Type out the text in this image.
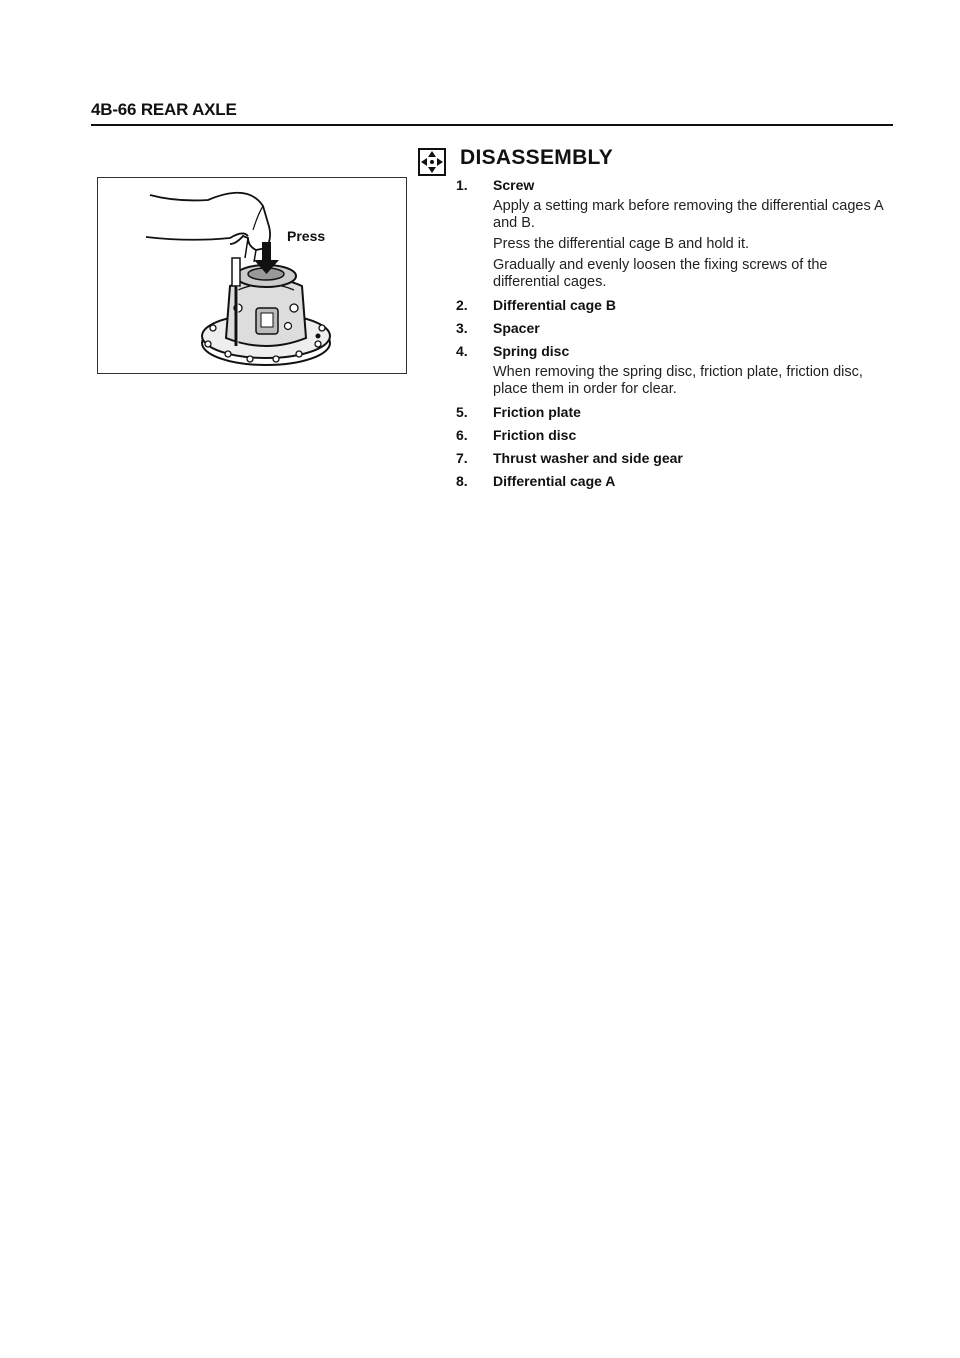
4B-66 REAR AXLE
Press
DISASSEMBLY
1.	Screw
Apply a setting mark before removing the differential cages A and B.
Press the differential cage B and hold it.
Gradually and evenly loosen the fixing screws of the differential cages.
2.	Differential cage B
3.	Spacer
4.	Spring disc
When removing the spring disc, friction plate, friction disc, place them in order for clear.
5.	Friction plate
6.	Friction disc
7.	Thrust washer and side gear
8.	Differential cage A
